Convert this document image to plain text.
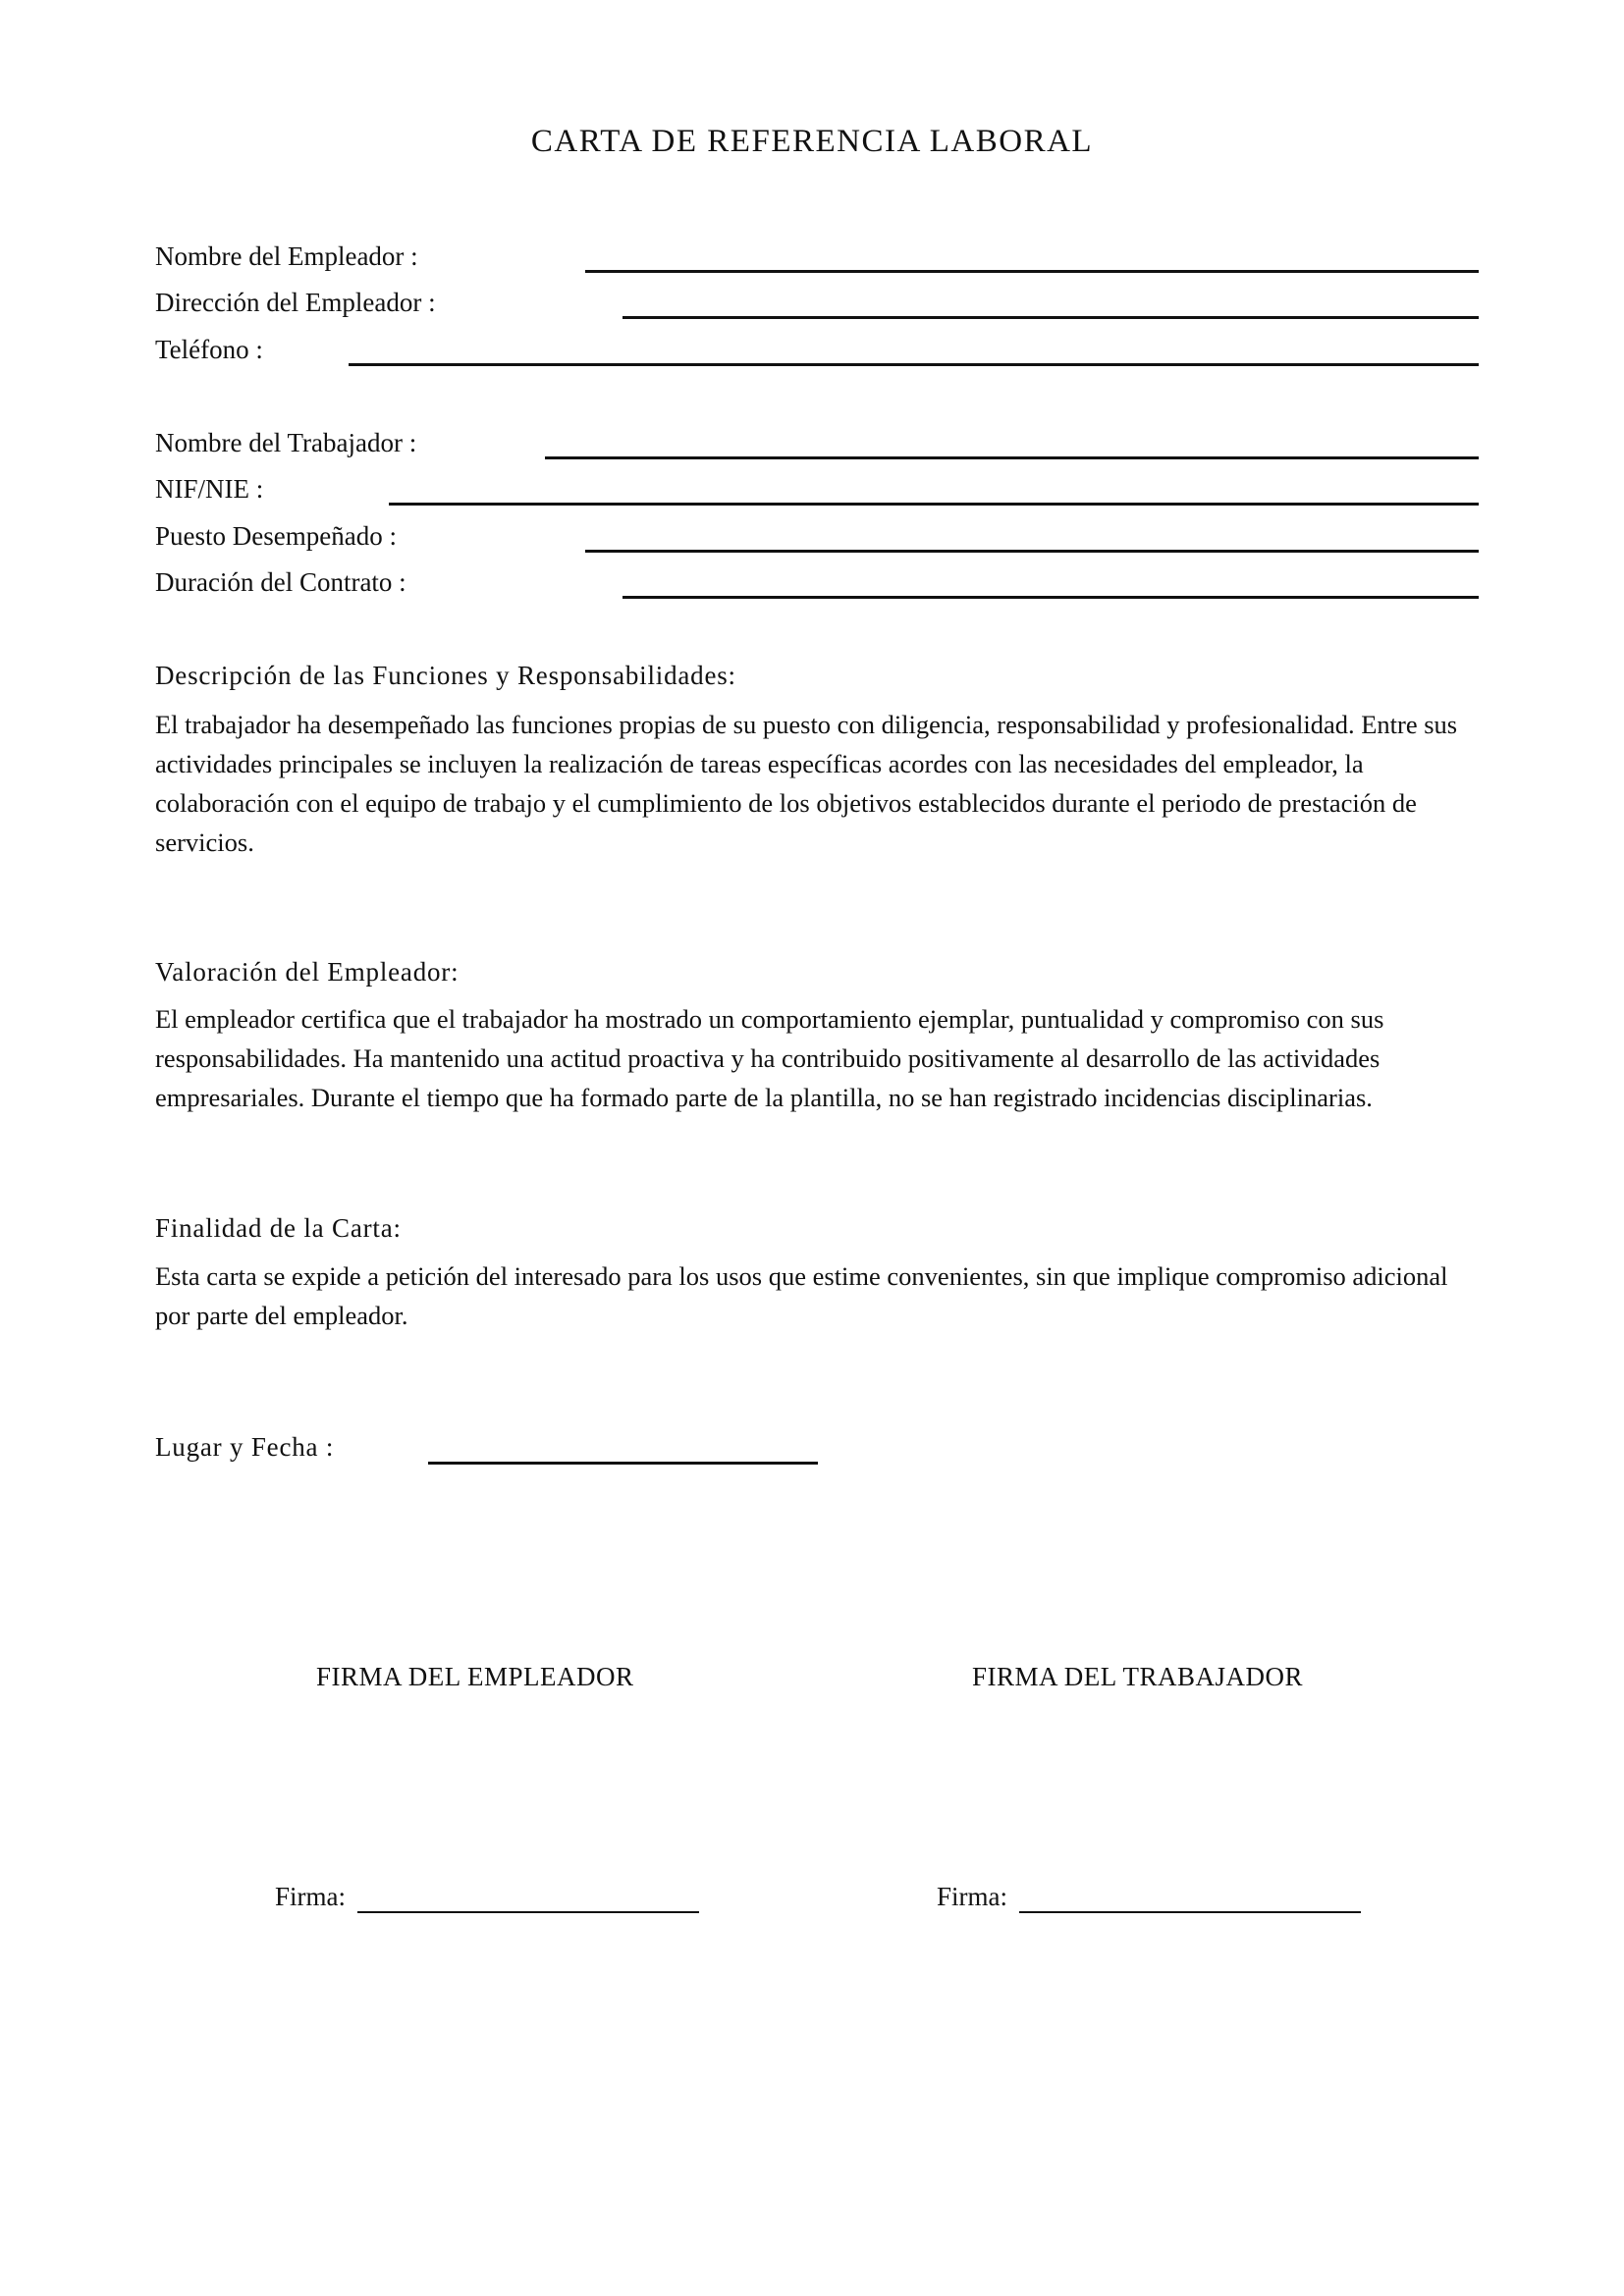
CARTA DE REFERENCIA LABORAL
Nombre del Empleador :
Dirección del Empleador :
Teléfono :
Nombre del Trabajador :
NIF/NIE :
Puesto Desempeñado :
Duración del Contrato :
Descripción de las Funciones y Responsabilidades:

El trabajador ha desempeñado las funciones propias de su puesto con diligencia, responsabilidad y profesionalidad. Entre sus actividades principales se incluyen la realización de tareas específicas acordes con las necesidades del empleador, la colaboración con el equipo de trabajo y el cumplimiento de los objetivos establecidos durante el periodo de prestación de servicios.

Valoración del Empleador:

El empleador certifica que el trabajador ha mostrado un comportamiento ejemplar, puntualidad y compromiso con sus responsabilidades. Ha mantenido una actitud proactiva y ha contribuido positivamente al desarrollo de las actividades empresariales. Durante el tiempo que ha formado parte de la plantilla, no se han registrado incidencias disciplinarias.

Finalidad de la Carta:

Esta carta se expide a petición del interesado para los usos que estime convenientes, sin que implique compromiso adicional por parte del empleador.

Lugar y Fecha :
FIRMA DEL EMPLEADOR	FIRMA DEL TRABAJADOR
Firma:	Firma:
